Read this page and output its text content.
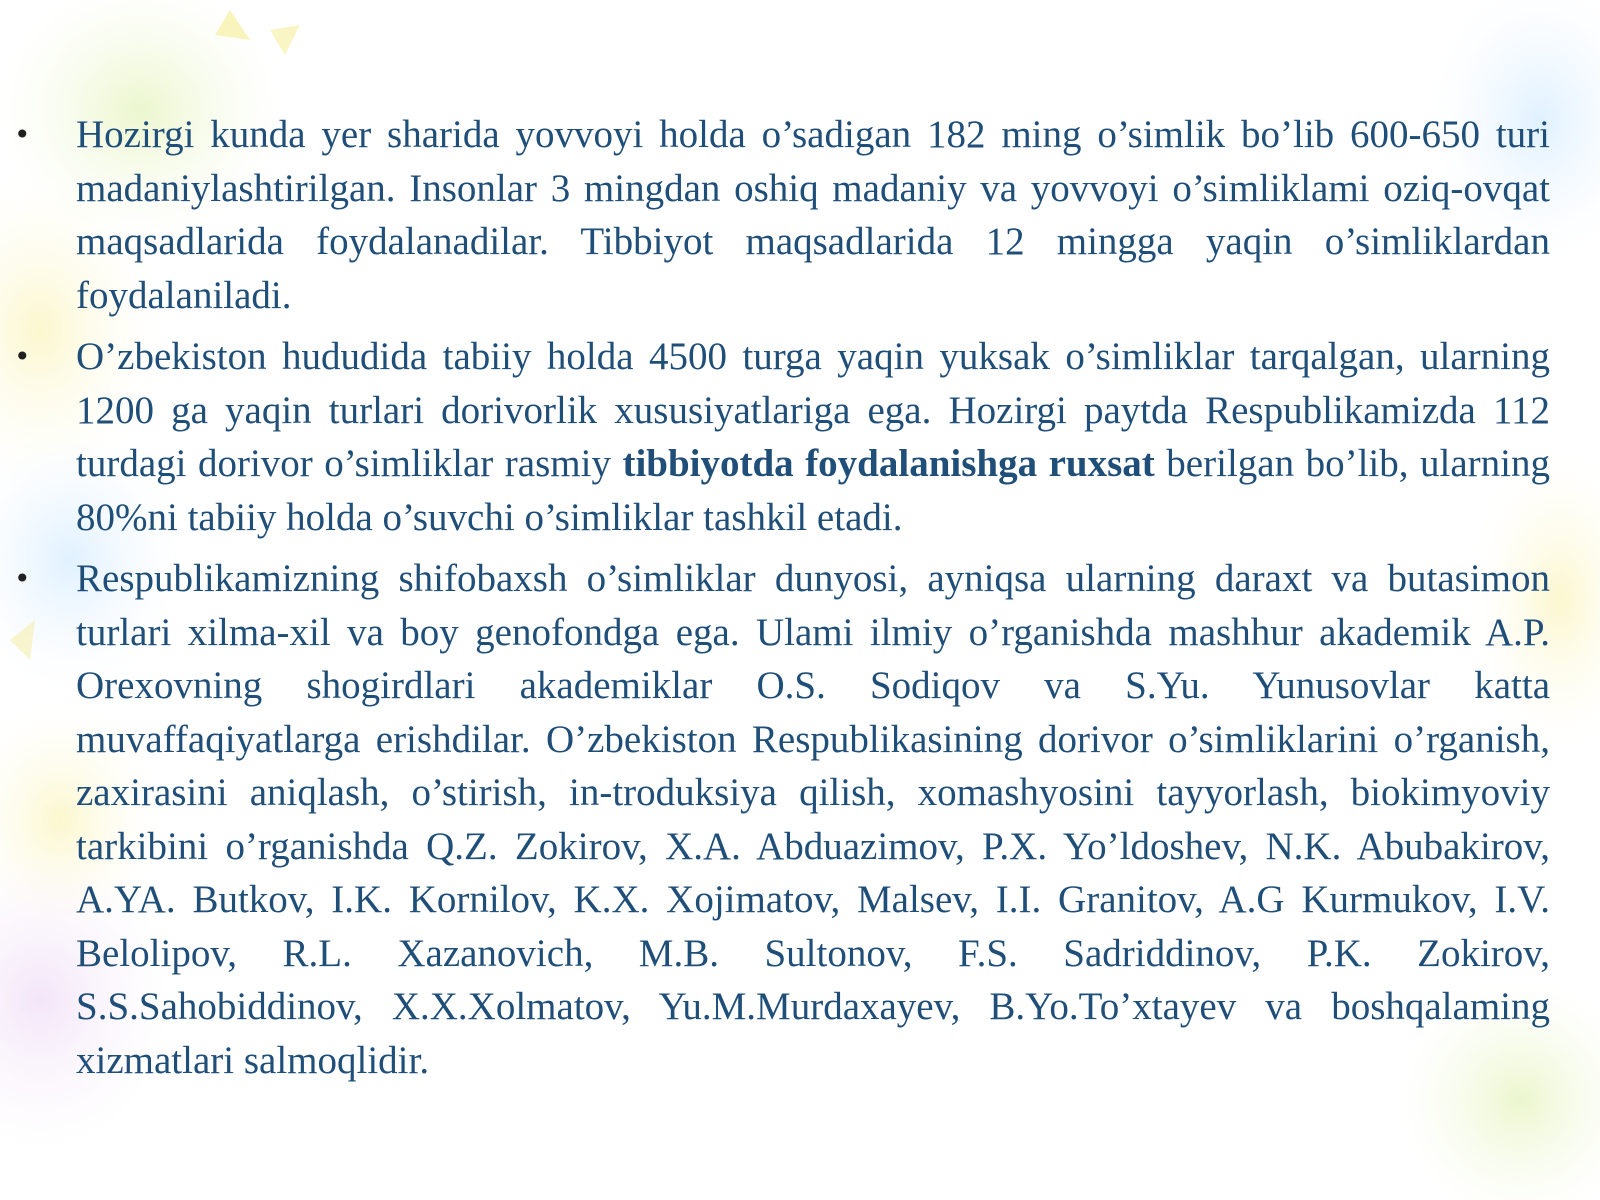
• Hozirgi kunda yer sharida yovvoyi holda o’sadigan 182 ming o’simlik bo’lib 600-650 turi madaniylashtirilgan. Insonlar 3 mingdan oshiq madaniy va yovvoyi o’simliklami oziq-ovqat maqsadlarida foydalanadilar. Tibbiyot maqsadlarida 12 mingga yaqin o’simliklardan foydalaniladi.
• O’zbekiston hududida tabiiy holda 4500 turga yaqin yuksak o’simliklar tarqalgan, ularning 1200 ga yaqin turlari dorivorlik xususiyatlariga ega. Hozirgi paytda Respublikamizda 112 turdagi dorivor o’simliklar rasmiy tibbiyotda foydalanishga ruxsat berilgan bo’lib, ularning 80%ni tabiiy holda o’suvchi o’simliklar tashkil etadi.
• Respublikamizning shifobaxsh o’simliklar dunyosi, ayniqsa ularning daraxt va butasimon turlari xilma-xil va boy genofondga ega. Ulami ilmiy o’rganishda mashhur akademik A.P. Orexovning shogirdlari akademiklar O.S. Sodiqov va S.Yu. Yunusovlar katta muvaffaqiyatlarga erishdilar. O’zbekiston Respublikasining dorivor o’simliklarini o’rganish, zaxirasini aniqlash, o’stirish, in-troduksiya qilish, xomashyosini tayyorlash, biokimyoviy tarkibini o’rganishda Q.Z. Zokirov, X.A. Abduazimov, P.X. Yo’ldoshev, N.K. Abubakirov, A.YA. Butkov, I.K. Kornilov, K.X. Xojimatov, Malsev, I.I. Granitov, A.G Kurmukov, I.V. Belolipov, R.L. Xazanovich, M.B. Sultonov, F.S. Sadriddinov, P.K. Zokirov, S.S.Sahobiddinov, X.X.Xolmatov, Yu.M.Murdaxayev, B.Yo.To’xtayev va boshqalaming xizmatlari salmoqlidir.
